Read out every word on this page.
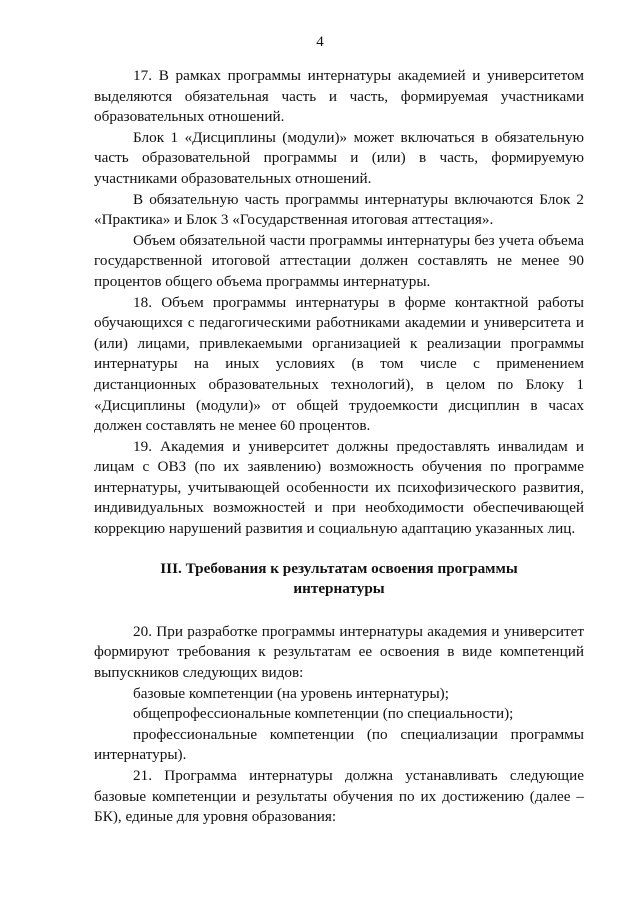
4

17. В рамках программы интернатуры академией и университетом выделяются обязательная часть и часть, формируемая участниками образовательных отношений.

Блок 1 «Дисциплины (модули)» может включаться в обязательную часть образовательной программы и (или) в часть, формируемую участниками образовательных отношений.

В обязательную часть программы интернатуры включаются Блок 2 «Практика» и Блок 3 «Государственная итоговая аттестация».

Объем обязательной части программы интернатуры без учета объема государственной итоговой аттестации должен составлять не менее 90 процентов общего объема программы интернатуры.

18. Объем программы интернатуры в форме контактной работы обучающихся с педагогическими работниками академии и университета и (или) лицами, привлекаемыми организацией к реализации программы интернатуры на иных условиях (в том числе с применением дистанционных образовательных технологий), в целом по Блоку 1 «Дисциплины (модули)» от общей трудоемкости дисциплин в часах должен составлять не менее 60 процентов.

19. Академия и университет должны предоставлять инвалидам и лицам с ОВЗ (по их заявлению) возможность обучения по программе интернатуры, учитывающей особенности их психофизического развития, индивидуальных возможностей и при необходимости обеспечивающей коррекцию нарушений развития и социальную адаптацию указанных лиц.

III. Требования к результатам освоения программы
интернатуры

20. При разработке программы интернатуры академия и университет формируют требования к результатам ее освоения в виде компетенций выпускников следующих видов:

базовые компетенции (на уровень интернатуры);

общепрофессиональные компетенции (по специальности);

профессиональные компетенции (по специализации программы интернатуры).

21. Программа интернатуры должна устанавливать следующие базовые компетенции и результаты обучения по их достижению (далее – БК), единые для уровня образования:
